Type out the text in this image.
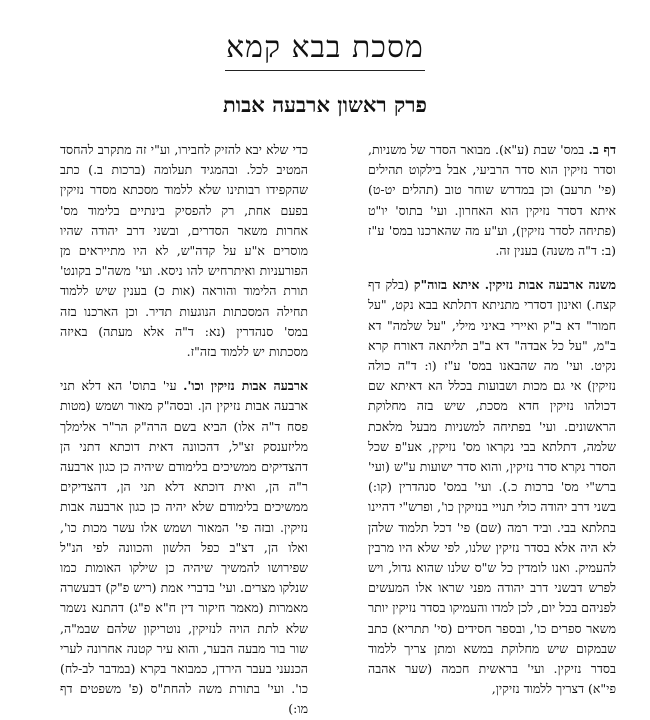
מסכת בבא קמא
פרק ראשון ארבעה אבות

דף ב. במס' שבת (ע"א). מבואר הסדר של משניות, וסדר נזיקין הוא סדר הרביעי, אבל בילקוט תהילים (פי' תרעב) וכן במדרש שוחר טוב (תהלים יט-ט) איתא דסדר נזיקין הוא האחרון. ועי' בתוס' יו"ט (פתיחה לסדר נזיקין), וע"ע מה שהארכנו במס' ע"ז (ב: ד"ה משנה) בענין זה.

משנה ארבעה אבות נזיקין. איתא בזוה"ק (בלק דף קצח.) ואינון דסדרי מתניתא דתלתא בבא נקט, "על חמור" דא ב"ק ואיירי באיני מילי, "על שלמה" דא ב"מ, "על כל אבדה" דא ב"ב תליתאה דאורח קרא נקיט. ועי' מה שהבאנו במס' ע"ז (ו: ד"ה כולה נזיקין) אי גם מכות ושבועות בכלל הא דאיתא שם דכולהו נזיקין חדא מסכת, שיש בזה מחלוקת הראשונים. ועי' בפתיחה למשניות מבעל מלאכת שלמה, דתלתא בבי נקראו מס' נזיקין, אע"פ שכל הסדר נקרא סדר נזיקין, והוא סדר ישועות ע"ש (ועי' ברש"י מס' ברכות כ.). ועי' במס' סנהדרין (קו:) בשני דרב יהודה כולי תנויי בנזיקין כו', ופרש"י דהיינו בתלתא בבי. וביד רמה (שם) פי' דכל תלמוד שלהן לא היה אלא בסדר נזיקין שלנו, לפי שלא היו מרבין להעמיק. ואנו לומדין כל ש"ס שלנו שהוא גדול, ויש לפרש דבשני דרב יהודה מפני שראו אלו המעשים לפניהם בכל יום, לכן למדו והעמיקו בסדר נזיקין יותר משאר ספרים כו', ובספר חסידים (סי' תתריא) כתב שבמקום שיש מחלוקת במשא ומתן צריך ללמוד בסדר נזיקין. ועי' בראשית חכמה (שער אהבה פי"א) דצריך ללמוד נזיקין,

כדי שלא יבא להזיק לחבירו, וע"י זה מתקרב להחסד המטיב לכל. ובהמגיד תעלומה (ברכות ב.) כתב שהקפידו רבותינו שלא ללמוד מסכתא מסדר נזיקין בפעם אחת, רק להפסיק בינתיים בלימוד מס' אחרות משאר הסדרים, ובשני דרב יהודה שהיו מוסרים א"ע על קדה"ש, לא היו מתייראים מן הפורעניות ואיתרחיש להו ניסא. ועי' משה"כ בקונט' תורת הלימוד והוראה (אות כ) בענין שיש ללמוד תחילה המסכתות הנוגעות תדיר. וכן הארכנו בזה במס' סנהדרין (נא: ד"ה אלא מעתה) באיזה מסכתות יש ללמוד בזה"ז.

ארבעה אבות נזיקין וכו'. עי' בתוס' הא דלא תני ארבעה אבות נזיקין הן. ובסה"ק מאור ושמש (מטות פסח ד"ה אלו) הביא בשם הרה"ק הר"ר אלימלך מליזענסק זצ"ל, דהכוונה דאית דוכתא דתני הן דהצדיקים ממשיכים בלימודם שיהיה כן כגון ארבעה ר"ה הן, ואית דוכתא דלא תני הן, דהצדיקים ממשיכים בלימודם שלא יהיה כן כגון ארבעה אבות נזיקין. ובזה פי' המאור ושמש אלו עשר מכות כו', ואלו הן, דצ"ב כפל הלשון והכוונה לפי הנ"ל שפירושו להמשיך שיהיה כן שילקו האומות כמו שנלקו מצרים. ועי' בדברי אמת (ריש פ"ק) דבעשרה מאמרות (מאמר חיקור דין ח"א פ"ג) דהתנא נשמר שלא לתת הויה לנזיקין, נוטריקון שלהם שבמ"ה, שור בור מבעה הבער, והוא עיר קטנה אחרונה לערי הכנעני בעבר הירדן, כמבואר בקרא (במדבר לב-לח) כו'. ועי' בתורת משה להחת"ס (פ' משפטים דף מו:)
